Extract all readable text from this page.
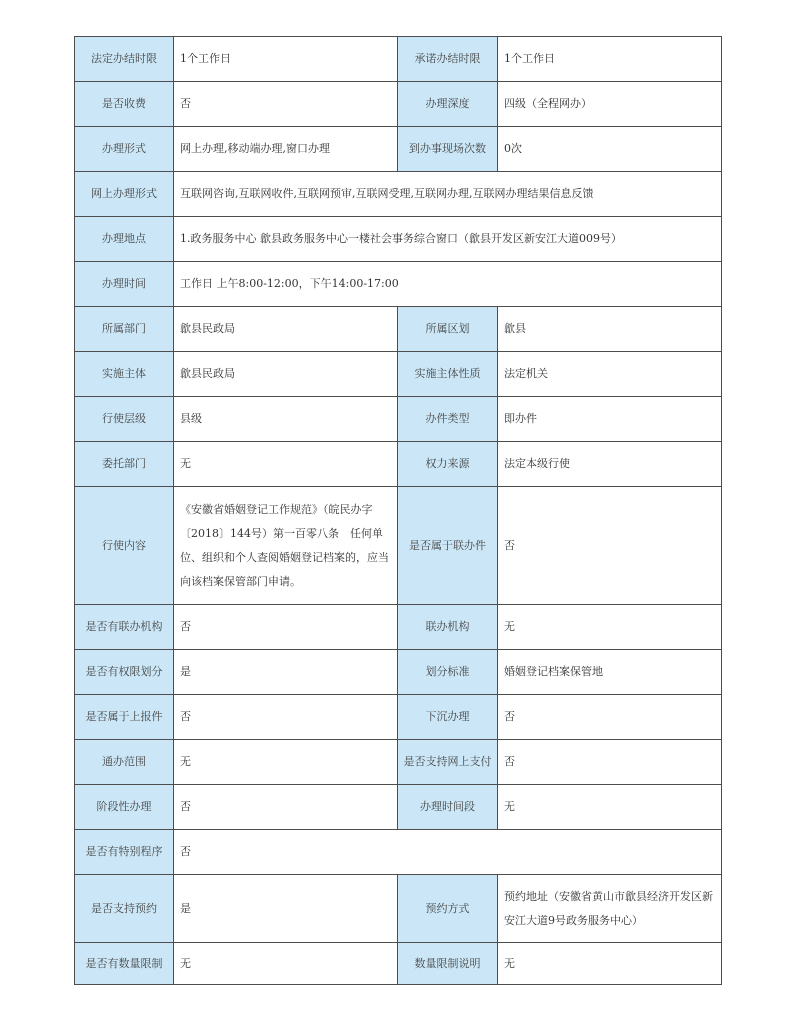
法定办结时限	1个工作日	承诺办结时限	1个工作日
是否收费	否	办理深度	四级（全程网办）
办理形式	网上办理,移动端办理,窗口办理	到办事现场次数	0次
网上办理形式	互联网咨询,互联网收件,互联网预审,互联网受理,互联网办理,互联网办理结果信息反馈		
办理地点	1.政务服务中心 歙县政务服务中心一楼社会事务综合窗口（歙县开发区新安江大道009号）		
办理时间	工作日 上午8:00-12:00，下午14:00-17:00		
所属部门	歙县民政局	所属区划	歙县
实施主体	歙县民政局	实施主体性质	法定机关
行使层级	县级	办件类型	即办件
委托部门	无	权力来源	法定本级行使
行使内容	《安徽省婚姻登记工作规范》（皖民办字〔2018〕144号）第一百零八条　任何单位、组织和个人查阅婚姻登记档案的，应当向该档案保管部门申请。	是否属于联办件	否
是否有联办机构	否	联办机构	无
是否有权限划分	是	划分标准	婚姻登记档案保管地
是否属于上报件	否	下沉办理	否
通办范围	无	是否支持网上支付	否
阶段性办理	否	办理时间段	无
是否有特别程序	否		
是否支持预约	是	预约方式	预约地址（安徽省黄山市歙县经济开发区新安江大道9号政务服务中心）

是否有数量限制	无	数量限制说明	无
